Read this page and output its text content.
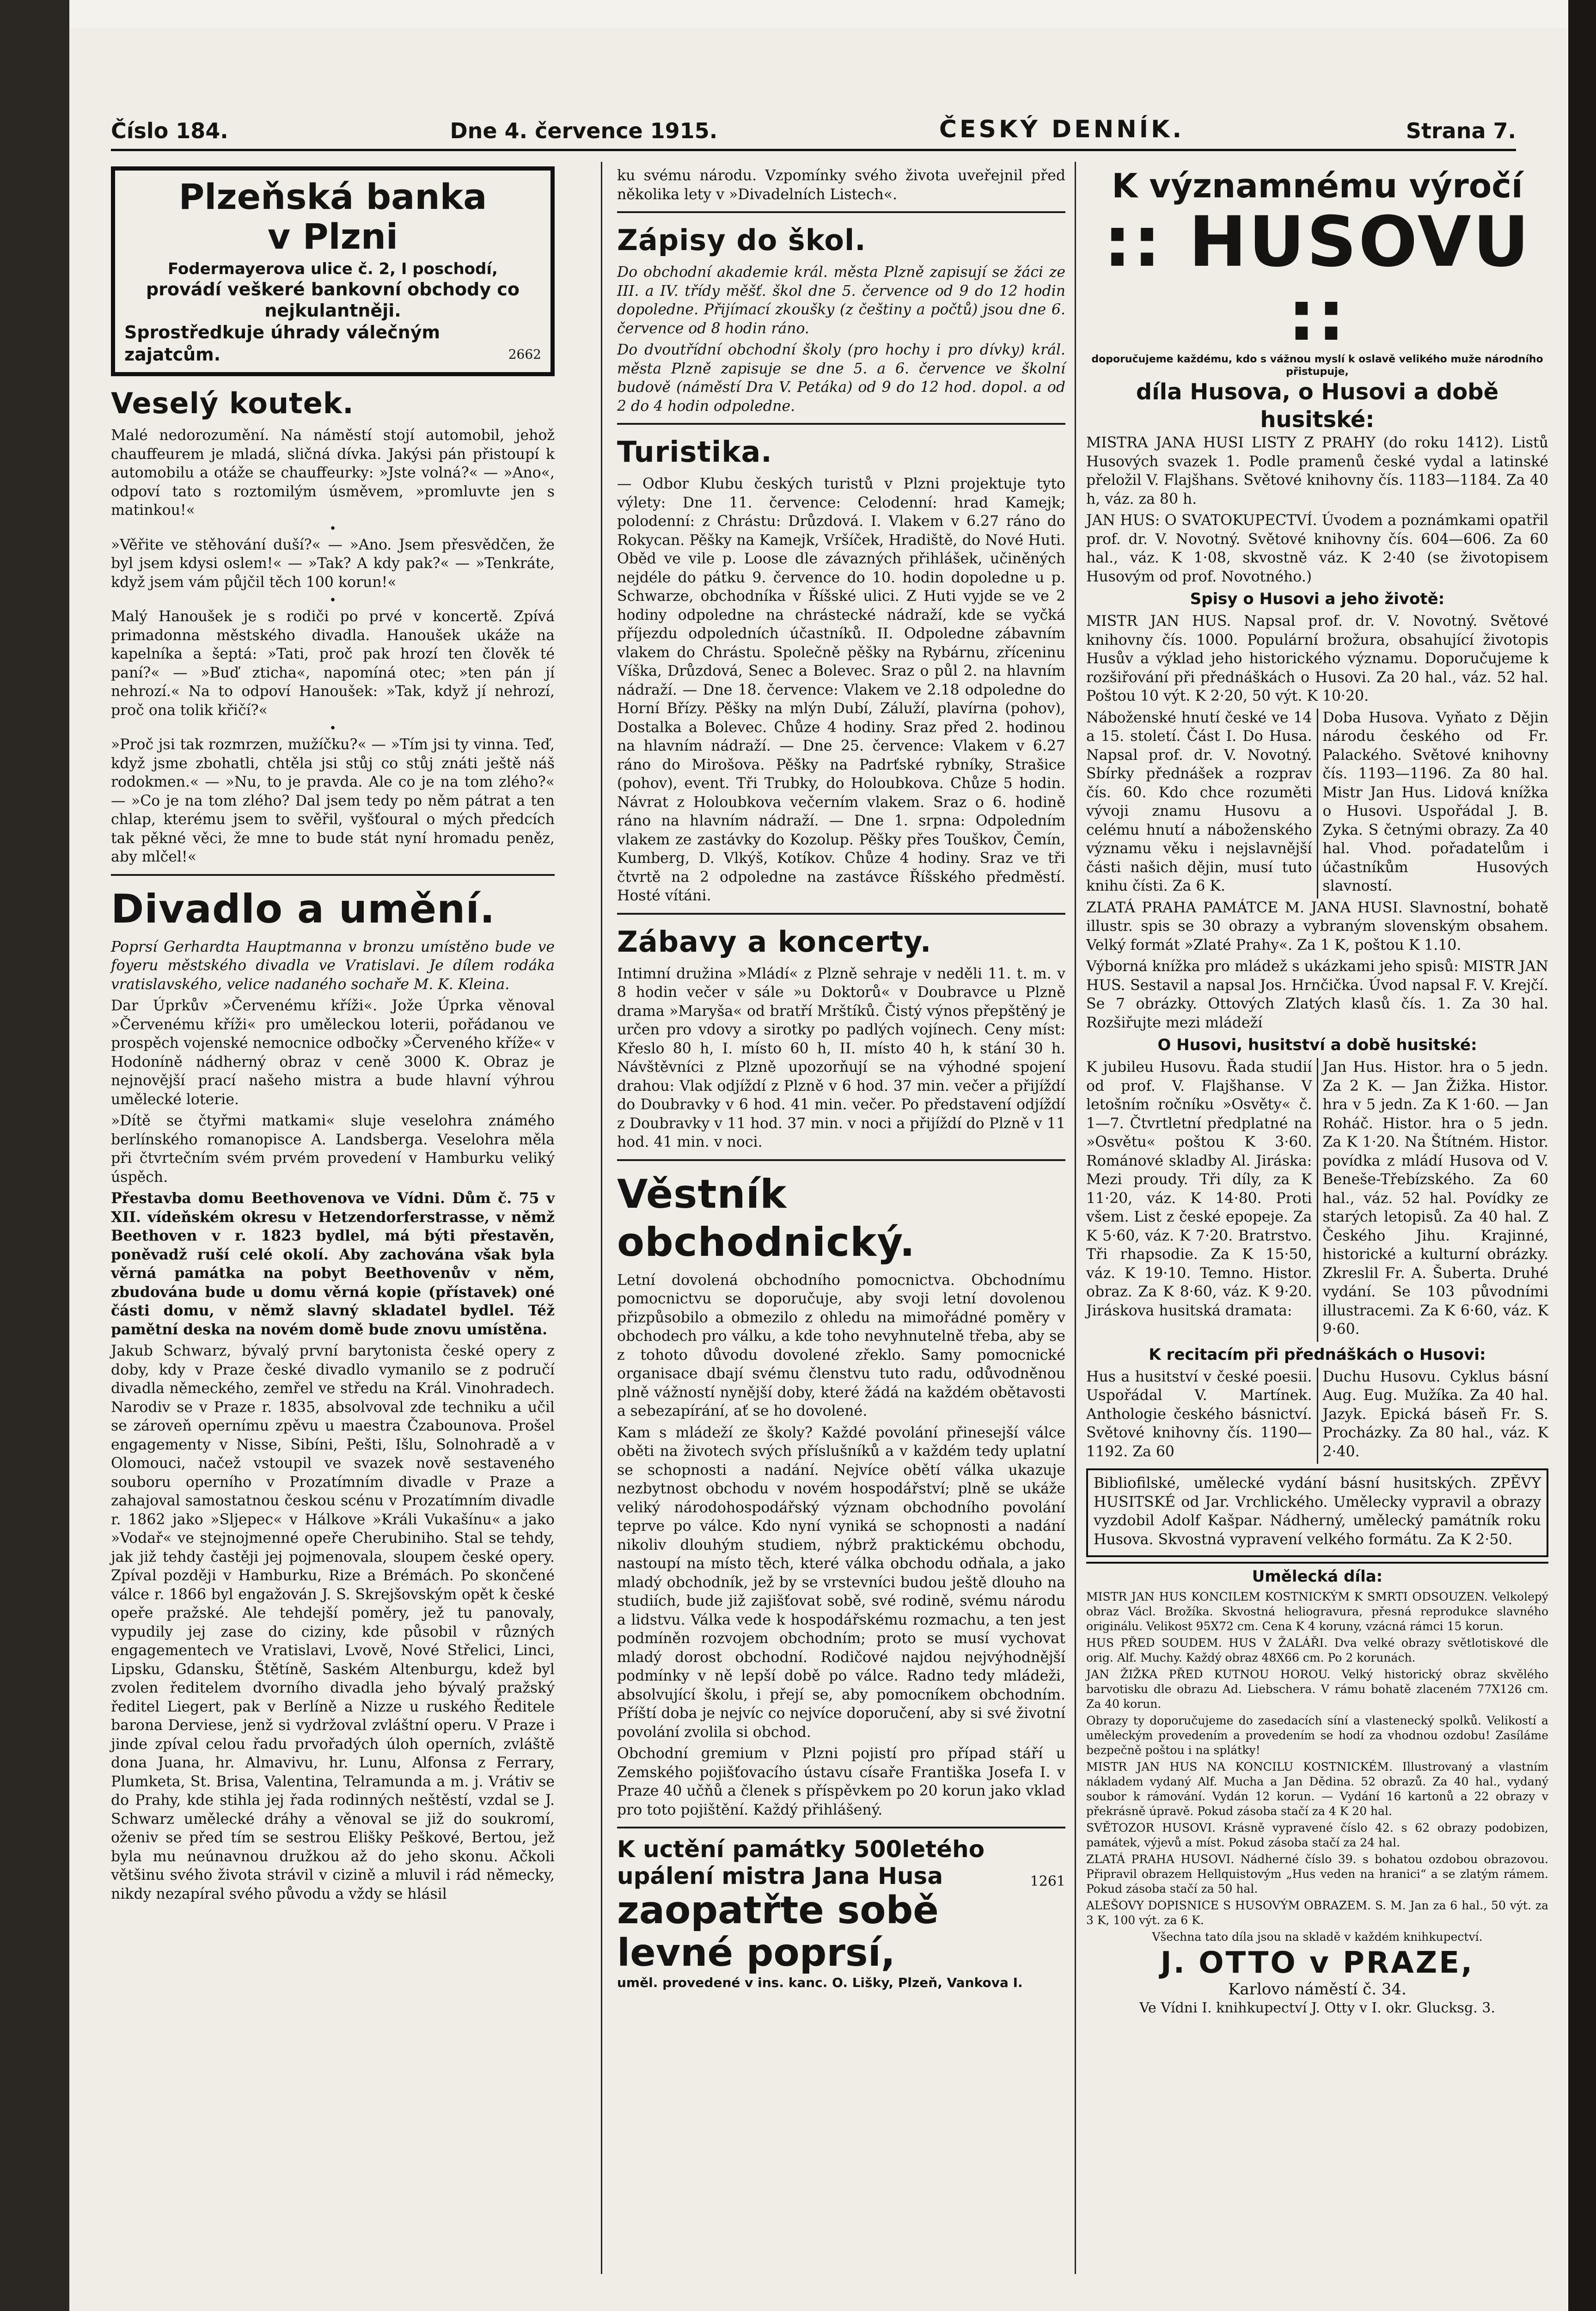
Číslo 184.	Dne 4. července 1915.	ČESKÝ DENNÍK.	Strana 7.
Plzeňská banka
v Plzni
Fodermayerova ulice č. 2, I poschodí,
provádí veškeré bankovní obchody co nejkulantněji.
Sprostředkuje úhrady válečným zajatcům.	2662
Veselý koutek.

Malé nedorozumění. Na náměstí stojí automobil, jehož chauffeurem je mladá, sličná dívka. Jakýsi pán přistoupí k automobilu a otáže se chauffeurky: »Jste volná?« — »Ano«, odpoví tato s roztomilým úsměvem, »promluvte jen s matinkou!«

•

»Věřite ve stěhování duší?« — »Ano. Jsem přesvědčen, že byl jsem kdysi oslem!« — »Tak? A kdy pak?« — »Tenkráte, když jsem vám půjčil těch 100 korun!«

•

Malý Hanoušek je s rodiči po prvé v koncertě. Zpívá primadonna městského divadla. Hanoušek ukáže na kapelníka a šeptá: »Tati, proč pak hrozí ten člověk té paní?« — »Buď zticha«, napomíná otec; »ten pán jí nehrozí.« Na to odpoví Hanoušek: »Tak, když jí nehrozí, proč ona tolik křičí?«

•

»Proč jsi tak rozmrzen, mužíčku?« — »Tím jsi ty vinna. Teď, když jsme zbohatli, chtěla jsi stůj co stůj znáti ještě náš rodokmen.« — »Nu, to je pravda. Ale co je na tom zlého?« — »Co je na tom zlého? Dal jsem tedy po něm pátrat a ten chlap, kterému jsem to svěřil, vyšťoural o mých předcích tak pěkné věci, že mne to bude stát nyní hromadu peněz, aby mlčel!«

Divadlo a umění.

Poprsí Gerhardta Hauptmanna v bronzu umístěno bude ve foyeru městského divadla ve Vratislavi. Je dílem rodáka vratislavského, velice nadaného sochaře M. K. Kleina.

Dar Úprkův »Červenému kříži«. Jože Úprka věnoval »Červenému kříži« pro uměleckou loterii, pořádanou ve prospěch vojenské nemocnice odbočky »Červeného kříže« v Hodoníně nádherný obraz v ceně 3000 K. Obraz je nejnovější prací našeho mistra a bude hlavní výhrou umělecké loterie.

»Dítě se čtyřmi matkami« sluje veselohra známého berlínského romanopisce A. Landsberga. Veselohra měla při čtvrtečním svém prvém provedení v Hamburku veliký úspěch.

Přestavba domu Beethovenova ve Vídni. Dům č. 75 v XII. vídeňském okresu v Hetzendorferstrasse, v němž Beethoven v r. 1823 bydlel, má býti přestavěn, poněvadž ruší celé okolí. Aby zachována však byla věrná památka na pobyt Beethovenův v něm, zbudována bude u domu věrná kopie (přístavek) oné části domu, v němž slavný skladatel bydlel. Též pamětní deska na novém domě bude znovu umístěna.

Jakub Schwarz, bývalý první barytonista české opery z doby, kdy v Praze české divadlo vymanilo se z područí divadla německého, zemřel ve středu na Král. Vinohradech. Narodiv se v Praze r. 1835, absolvoval zde techniku a učil se zároveň opernímu zpěvu u maestra Čzabounova. Prošel engagementy v Nisse, Sibíni, Pešti, Išlu, Solnohradě a v Olomouci, načež vstoupil ve svazek nově sestaveného souboru operního v Prozatímním divadle v Praze a zahajoval samostatnou českou scénu v Prozatímním divadle r. 1862 jako »Sljepec« v Hálkove »Králi Vukašínu« a jako »Vodař« ve stejnojmenné opeře Cherubiniho. Stal se tehdy, jak již tehdy častěji jej pojmenovala, sloupem české opery. Zpíval později v Hamburku, Rize a Brémách. Po skončené válce r. 1866 byl engažován J. S. Skrejšovským opět k české opeře pražské. Ale tehdejší poměry, jež tu panovaly, vypudily jej zase do ciziny, kde působil v různých engagementech ve Vratislavi, Lvově, Nové Střelici, Linci, Lipsku, Gdansku, Štětíně, Saském Altenburgu, kdež byl zvolen ředitelem dvorního divadla jeho bývalý pražský ředitel Liegert, pak v Berlíně a Nizze u ruského Ředitele barona Derviese, jenž si vydržoval zvláštní operu. V Praze i jinde zpíval celou řadu prvořadých úloh operních, zvláště dona Juana, hr. Almavivu, hr. Lunu, Alfonsa z Ferrary, Plumketa, St. Brisa, Valentina, Telramunda a m. j. Vrátiv se do Prahy, kde stihla jej řada rodinných neštěstí, vzdal se J. Schwarz umělecké dráhy a věnoval se již do soukromí, oženiv se před tím se sestrou Elišky Peškové, Bertou, jež byla mu neúnavnou družkou až do jeho skonu. Ačkoli většinu svého života strávil v cizině a mluvil i rád německy, nikdy nezapíral svého původu a vždy se hlásil

ku svému národu. Vzpomínky svého života uveřejnil před několika lety v »Divadelních Listech«.

Zápisy do škol.

Do obchodní akademie král. města Plzně zapisují se žáci ze III. a IV. třídy měšť. škol dne 5. července od 9 do 12 hodin dopoledne. Přijímací zkoušky (z češtiny a počtů) jsou dne 6. července od 8 hodin ráno.

Do dvoutřídní obchodní školy (pro hochy i pro dívky) král. města Plzně zapisuje se dne 5. a 6. července ve školní budově (náměstí Dra V. Petáka) od 9 do 12 hod. dopol. a od 2 do 4 hodin odpoledne.

Turistika.

— Odbor Klubu českých turistů v Plzni projektuje tyto výlety: Dne 11. července: Celodenní: hrad Kamejk; polodenní: z Chrástu: Drůzdová. I. Vlakem v 6.27 ráno do Rokycan. Pěšky na Kamejk, Vršíček, Hradiště, do Nové Huti. Oběd ve vile p. Loose dle závazných přihlášek, učiněných nejdéle do pátku 9. července do 10. hodin dopoledne u p. Schwarze, obchodníka v Říšské ulici. Z Huti vyjde se ve 2 hodiny odpoledne na chrástecké nádraží, kde se vyčká příjezdu odpoledních účastníků. II. Odpoledne zábavním vlakem do Chrástu. Společně pěšky na Rybárnu, zříceninu Víška, Drůzdová, Senec a Bolevec. Sraz o půl 2. na hlavním nádraží. — Dne 18. července: Vlakem ve 2.18 odpoledne do Horní Břízy. Pěšky na mlýn Dubí, Záluží, plavírna (pohov), Dostalka a Bolevec. Chůze 4 hodiny. Sraz před 2. hodinou na hlavním nádraží. — Dne 25. července: Vlakem v 6.27 ráno do Mirošova. Pěšky na Padrťské rybníky, Strašice (pohov), event. Tři Trubky, do Holoubkova. Chůze 5 hodin. Návrat z Holoubkova večerním vlakem. Sraz o 6. hodině ráno na hlavním nádraží. — Dne 1. srpna: Odpoledním vlakem ze zastávky do Kozolup. Pěšky přes Touškov, Čemín, Kumberg, D. Vlkýš, Kotíkov. Chůze 4 hodiny. Sraz ve tři čtvrtě na 2 odpoledne na zastávce Říšského předměstí. Hosté vítáni.

Zábavy a koncerty.

Intimní družina »Mládí« z Plzně sehraje v neděli 11. t. m. v 8 hodin večer v sále »u Doktorů« v Doubravce u Plzně drama »Maryša« od bratří Mrštíků. Čistý výnos přepštěný je určen pro vdovy a sirotky po padlých vojínech. Ceny míst: Křeslo 80 h, I. místo 60 h, II. místo 40 h, k stání 30 h. Návštěvníci z Plzně upozorňují se na výhodné spojení drahou: Vlak odjíždí z Plzně v 6 hod. 37 min. večer a přijíždí do Doubravky v 6 hod. 41 min. večer. Po představení odjíždí z Doubravky v 11 hod. 37 min. v noci a přijíždí do Plzně v 11 hod. 41 min. v noci.

Věstník obchodnický.

Letní dovolená obchodního pomocnictva. Obchodnímu pomocnictvu se doporučuje, aby svoji letní dovolenou přizpůsobilo a obmezilo z ohledu na mimořádné poměry v obchodech pro válku, a kde toho nevyhnutelně třeba, aby se z tohoto důvodu dovolené zřeklo. Samy pomocnické organisace dbají svému členstvu tuto radu, odůvodněnou plně vážností nynější doby, které žádá na každém obětavosti a sebezapírání, ať se ho dovolené.

Kam s mládeží ze školy? Každé povolání přinesejší válce oběti na životech svých příslušníků a v každém tedy uplatní se schopnosti a nadání. Nejvíce obětí válka ukazuje nezbytnost obchodu v novém hospodářství; plně se ukáže veliký národohospodářský význam obchodního povolání teprve po válce. Kdo nyní vyniká se schopnosti a nadání nikoliv dlouhým studiem, nýbrž praktickému obchodu, nastoupí na místo těch, které válka obchodu odňala, a jako mladý obchodník, jež by se vrstevníci budou ještě dlouho na studiích, bude již zajišťovat sobě, své rodině, svému národu a lidstvu. Válka vede k hospodářskému rozmachu, a ten jest podmíněn rozvojem obchodním; proto se musí vychovat mladý dorost obchodní. Rodičové najdou nejvýhodnější podmínky v ně lepší době po válce. Radno tedy mládeži, absolvující školu, i přejí se, aby pomocníkem obchodním. Příští doba je nejvíc co nejvíce doporučení, aby si své životní povolání zvolila si obchod.

Obchodní gremium v Plzni pojistí pro případ stáří u Zemského pojišťovacího ústavu císaře Františka Josefa I. v Praze 40 učňů a členek s příspěvkem po 20 korun jako vklad pro toto pojištění. Každý přihlášený.

K uctění památky 500letého upálení mistra Jana Husa	1261
zaopatřte sobě levné poprsí,
uměl. provedené v ins. kanc. O. Lišky, Plzeň, Vankova I.
K významnému výročí
:: HUSOVU ::
doporučujeme každému, kdo s vážnou myslí k oslavě velikého muže národního přistupuje,
díla Husova, o Husovi a době husitské:

MISTRA JANA HUSI LISTY Z PRAHY (do roku 1412). Listů Husových svazek 1. Podle pramenů české vydal a latinské přeložil V. Flajšhans. Světové knihovny čís. 1183—1184. Za 40 h, váz. za 80 h.

JAN HUS: O SVATOKUPECTVÍ. Úvodem a poznámkami opatřil prof. dr. V. Novotný. Světové knihovny čís. 604—606. Za 60 hal., váz. K 1·08, skvostně váz. K 2·40 (se životopisem Husovým od prof. Novotného.)

Spisy o Husovi a jeho životě:

MISTR JAN HUS. Napsal prof. dr. V. Novotný. Světové knihovny čís. 1000. Populární brožura, obsahující životopis Husův a výklad jeho historického významu. Doporučujeme k rozšiřování při přednáškách o Husovi. Za 20 hal., váz. 52 hal. Poštou 10 výt. K 2·20, 50 výt. K 10·20.

Náboženské hnutí české ve 14 a 15. století. Část I. Do Husa. Napsal prof. dr. V. Novotný. Sbírky přednášek a rozprav čís. 60. Kdo chce rozuměti vývoji znamu Husovu a celému hnutí a náboženského významu věku i nejslavnější části našich dějin, musí tuto knihu čísti. Za 6 K.

Doba Husova. Vyňato z Dějin národu českého od Fr. Palackého. Světové knihovny čís. 1193—1196. Za 80 hal. Mistr Jan Hus. Lidová knížka o Husovi. Uspořádal J. B. Zyka. S četnými obrazy. Za 40 hal. Vhod. pořadatelům i účastníkům Husových slavností.

ZLATÁ PRAHA PAMÁTCE M. JANA HUSI. Slavnostní, bohatě illustr. spis se 30 obrazy a vybraným slovenským obsahem. Velký formát »Zlaté Prahy«. Za 1 K, poštou K 1.10.

Výborná knížka pro mládež s ukázkami jeho spisů: MISTR JAN HUS. Sestavil a napsal Jos. Hrnčička. Úvod napsal F. V. Krejčí. Se 7 obrázky. Ottových Zlatých klasů čís. 1. Za 30 hal. Rozšiřujte mezi mládeží

O Husovi, husitství a době husitské:

K jubileu Husovu. Řada studií od prof. V. Flajšhanse. V letošním ročníku »Osvěty« č. 1—7. Čtvrtletní předplatné na »Osvětu« poštou K 3·60. Románové skladby Al. Jiráska: Mezi proudy. Tři díly, za K 11·20, váz. K 14·80. Proti všem. List z české epopeje. Za K 5·60, váz. K 7·20. Bratrstvo. Tři rhapsodie. Za K 15·50, váz. K 19·10. Temno. Histor. obraz. Za K 8·60, váz. K 9·20. Jiráskova husitská dramata:

Jan Hus. Histor. hra o 5 jedn. Za 2 K. — Jan Žižka. Histor. hra v 5 jedn. Za K 1·60. — Jan Roháč. Histor. hra o 5 jedn. Za K 1·20. Na Štítném. Histor. povídka z mládí Husova od V. Beneše-Třebízského. Za 60 hal., váz. 52 hal. Povídky ze starých letopisů. Za 40 hal. Z Českého Jihu. Krajinné, historické a kulturní obrázky. Zkreslil Fr. A. Šuberta. Druhé vydání. Se 103 původními illustracemi. Za K 6·60, váz. K 9·60.

K recitacím při přednáškách o Husovi:

Hus a husitství v české poesii. Uspořádal V. Martínek. Anthologie českého básnictví. Světové knihovny čís. 1190—1192. Za 60

Duchu Husovu. Cyklus básní Aug. Eug. Mužíka. Za 40 hal. Jazyk. Epická báseň Fr. S. Procházky. Za 80 hal., váz. K 2·40.

Bibliofilské, umělecké vydání básní husitských. ZPĚVY HUSITSKÉ od Jar. Vrchlického. Umělecky vypravil a obrazy vyzdobil Adolf Kašpar. Nádherný, umělecký památník roku Husova. Skvostná vypravení velkého formátu. Za K 2·50.

Umělecká díla:

MISTR JAN HUS KONCILEM KOSTNICKÝM K SMRTI ODSOUZEN. Velkolepý obraz Václ. Brožíka. Skvostná heliogravura, přesná reprodukce slavného originálu. Velikost 95X72 cm. Cena K 4 koruny, vzácná rámci 15 korun.

HUS PŘED SOUDEM. HUS V ŽALÁŘI. Dva velké obrazy světlotiskové dle orig. Alf. Muchy. Každý obraz 48X66 cm. Po 2 korunách.

JAN ŽIŽKA PŘED KUTNOU HOROU. Velký historický obraz skvělého barvotisku dle obrazu Ad. Liebschera. V rámu bohatě zlaceném 77X126 cm. Za 40 korun.

Obrazy ty doporučujeme do zasedacích síní a vlastenecký spolků. Velikostí a uměleckým provedením a provedením se hodí za vhodnou ozdobu! Zasíláme bezpečně poštou i na splátky!

MISTR JAN HUS NA KONCILU KOSTNICKÉM. Illustrovaný a vlastním nákladem vydaný Alf. Mucha a Jan Dědina. 52 obrazů. Za 40 hal., vydaný soubor k rámování. Vydán 12 korun. — Vydání 16 kartonů a 22 obrazy v překrásně úpravě. Pokud zásoba stačí za 4 K 20 hal.

SVĚTOZOR HUSOVI. Krásně vypravené číslo 42. s 62 obrazy podobizen, památek, výjevů a míst. Pokud zásoba stačí za 24 hal.

ZLATÁ PRAHA HUSOVI. Nádherné číslo 39. s bohatou ozdobou obrazovou. Připravil obrazem Hellquistovým „Hus veden na hranici“ a se zlatým rámem. Pokud zásoba stačí za 50 hal.

ALEŠOVY DOPISNICE S HUSOVÝM OBRAZEM. S. M. Jan za 6 hal., 50 výt. za 3 K, 100 výt. za 6 K.

Všechna tato díla jsou na skladě v každém knihkupectví.

J. OTTO v PRAZE,
Karlovo náměstí č. 34.
Ve Vídni I. knihkupectví J. Otty v I. okr. Glucksg. 3.
